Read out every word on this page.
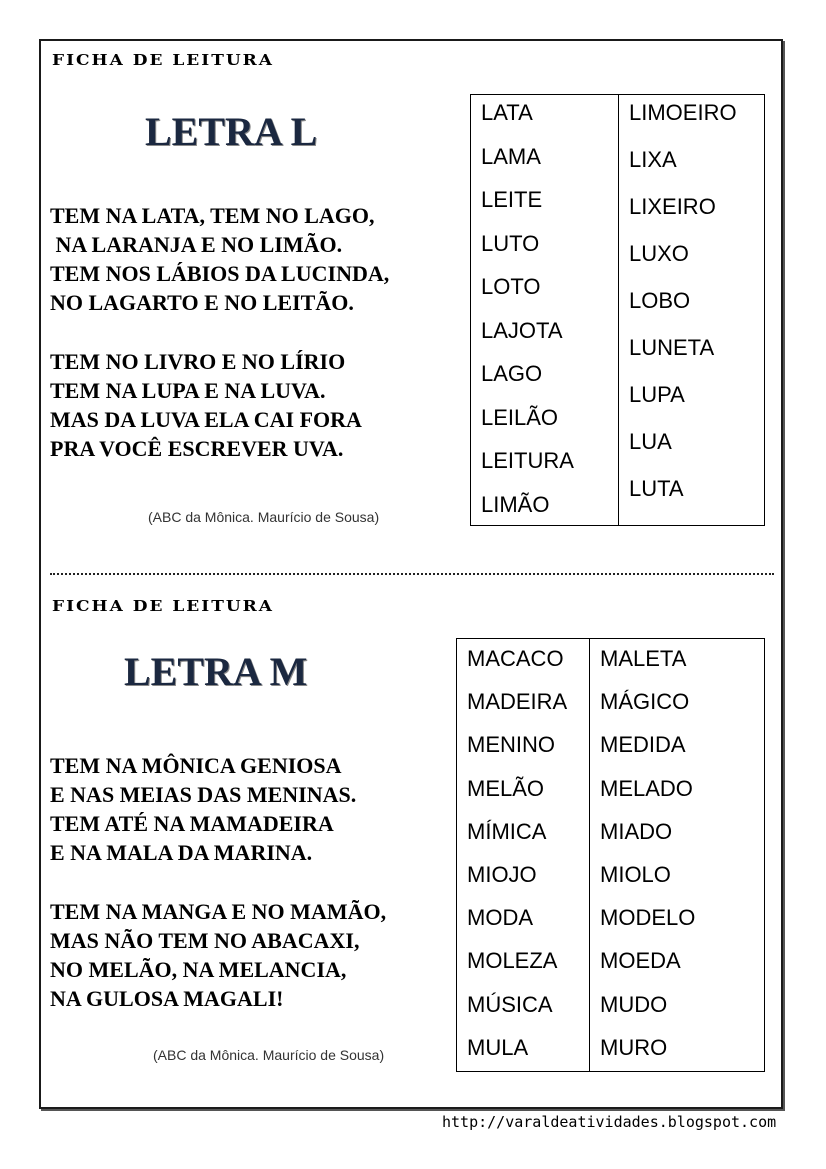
FICHA DE LEITURA
LETRA L
TEM NA LATA, TEM NO LAGO,
NA LARANJA E NO LIMÃO.
TEM NOS LÁBIOS DA LUCINDA,
NO LAGARTO E NO LEITÃO.
TEM NO LIVRO E NO LÍRIO
TEM NA LUPA E NA LUVA.
MAS DA LUVA ELA CAI FORA
PRA VOCÊ ESCREVER UVA.
(ABC da Mônica. Maurício de Sousa)
LATA
LAMA
LEITE
LUTO
LOTO
LAJOTA
LAGO
LEILÃO
LEITURA
LIMÃO
LIMOEIRO
LIXA
LIXEIRO
LUXO
LOBO
LUNETA
LUPA
LUA
LUTA
FICHA DE LEITURA
LETRA M
TEM NA MÔNICA GENIOSA
E NAS MEIAS DAS MENINAS.
TEM ATÉ NA MAMADEIRA
E NA MALA DA MARINA.
TEM NA MANGA E NO MAMÃO,
MAS NÃO TEM NO ABACAXI,
NO MELÃO, NA MELANCIA,
NA GULOSA MAGALI!
(ABC da Mônica. Maurício de Sousa)
MACACO
MADEIRA
MENINO
MELÃO
MÍMICA
MIOJO
MODA
MOLEZA
MÚSICA
MULA
MALETA
MÁGICO
MEDIDA
MELADO
MIADO
MIOLO
MODELO
MOEDA
MUDO
MURO
http://varaldeatividades.blogspot.com
